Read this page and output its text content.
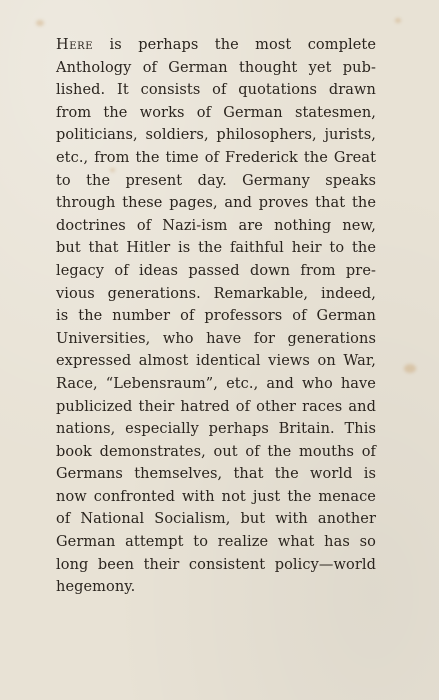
Here is perhaps the most complete
Anthology of German thought yet pub-
lished. It consists of quotations drawn
from the works of German statesmen,
politicians, soldiers, philosophers, jurists,
etc., from the time of Frederick the Great
to the present day. Germany speaks
through these pages, and proves that the
doctrines of Nazi-ism are nothing new,
but that Hitler is the faithful heir to the
legacy of ideas passed down from pre-
vious generations. Remarkable, indeed,
is the number of professors of German
Universities, who have for generations
expressed almost identical views on War,
Race, “Lebensraum”, etc., and who have
publicized their hatred of other races and
nations, especially perhaps Britain. This
book demonstrates, out of the mouths of
Germans themselves, that the world is
now confronted with not just the menace
of National Socialism, but with another
German attempt to realize what has so
long been their consistent policy—world
hegemony.
